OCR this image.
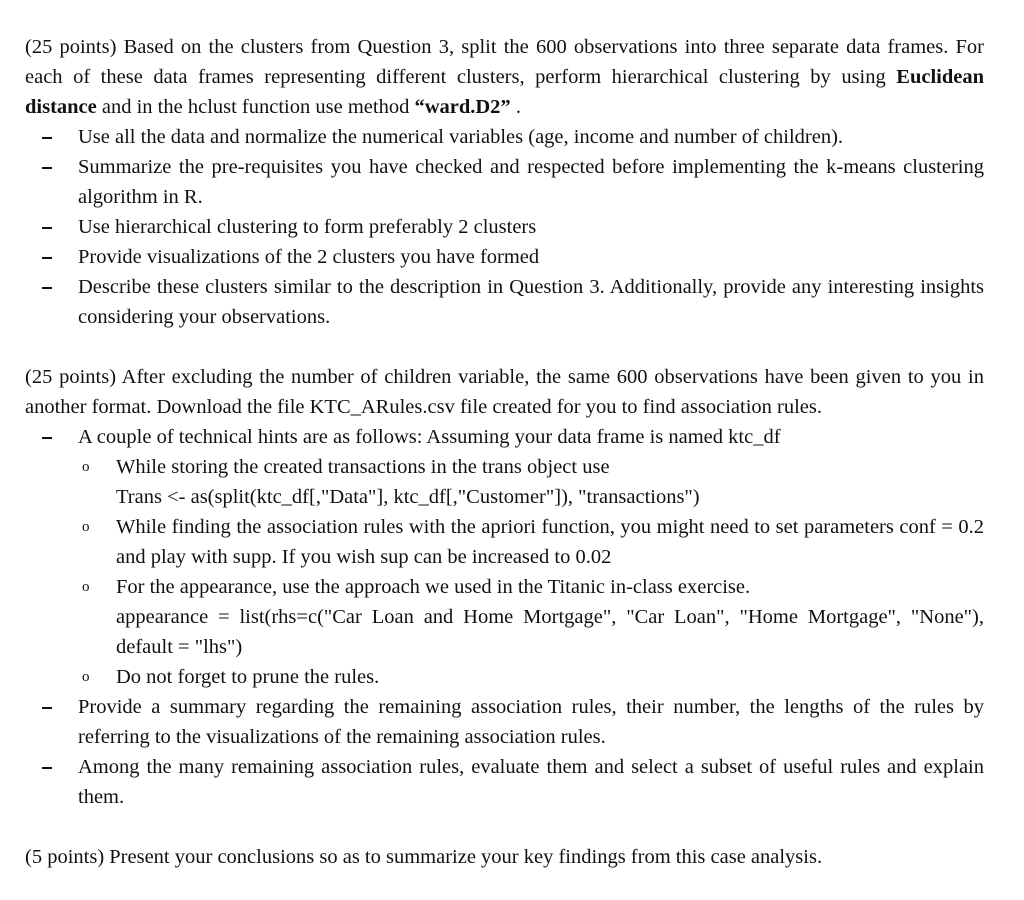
(25 points) Based on the clusters from Question 3, split the 600 observations into three separate data frames. For each of these data frames representing different clusters, perform hierarchical clustering by using Euclidean distance and in the hclust function use method “ward.D2” .

Use all the data and normalize the numerical variables (age, income and number of children).
Summarize the pre-requisites you have checked and respected before implementing the k-means clustering algorithm in R.
Use hierarchical clustering to form preferably 2 clusters
Provide visualizations of the 2 clusters you have formed
Describe these clusters similar to the description in Question 3. Additionally, provide any interesting insights considering your observations.

(25 points) After excluding the number of children variable, the same 600 observations have been given to you in another format. Download the file KTC_ARules.csv file created for you to find association rules.

A couple of technical hints are as follows: Assuming your data frame is named ktc_df
o While storing the created transactions in the trans object use
Trans <- as(split(ktc_df[,"Data"], ktc_df[,"Customer"]), "transactions")
o While finding the association rules with the apriori function, you might need to set parameters conf = 0.2 and play with supp. If you wish sup can be increased to 0.02
o For the appearance, use the approach we used in the Titanic in-class exercise.
appearance = list(rhs=c("Car Loan and Home Mortgage", "Car Loan", "Home Mortgage", "None"), default = "lhs")
o Do not forget to prune the rules.
Provide a summary regarding the remaining association rules, their number, the lengths of the rules by referring to the visualizations of the remaining association rules.
Among the many remaining association rules, evaluate them and select a subset of useful rules and explain them.

(5 points) Present your conclusions so as to summarize your key findings from this case analysis.
